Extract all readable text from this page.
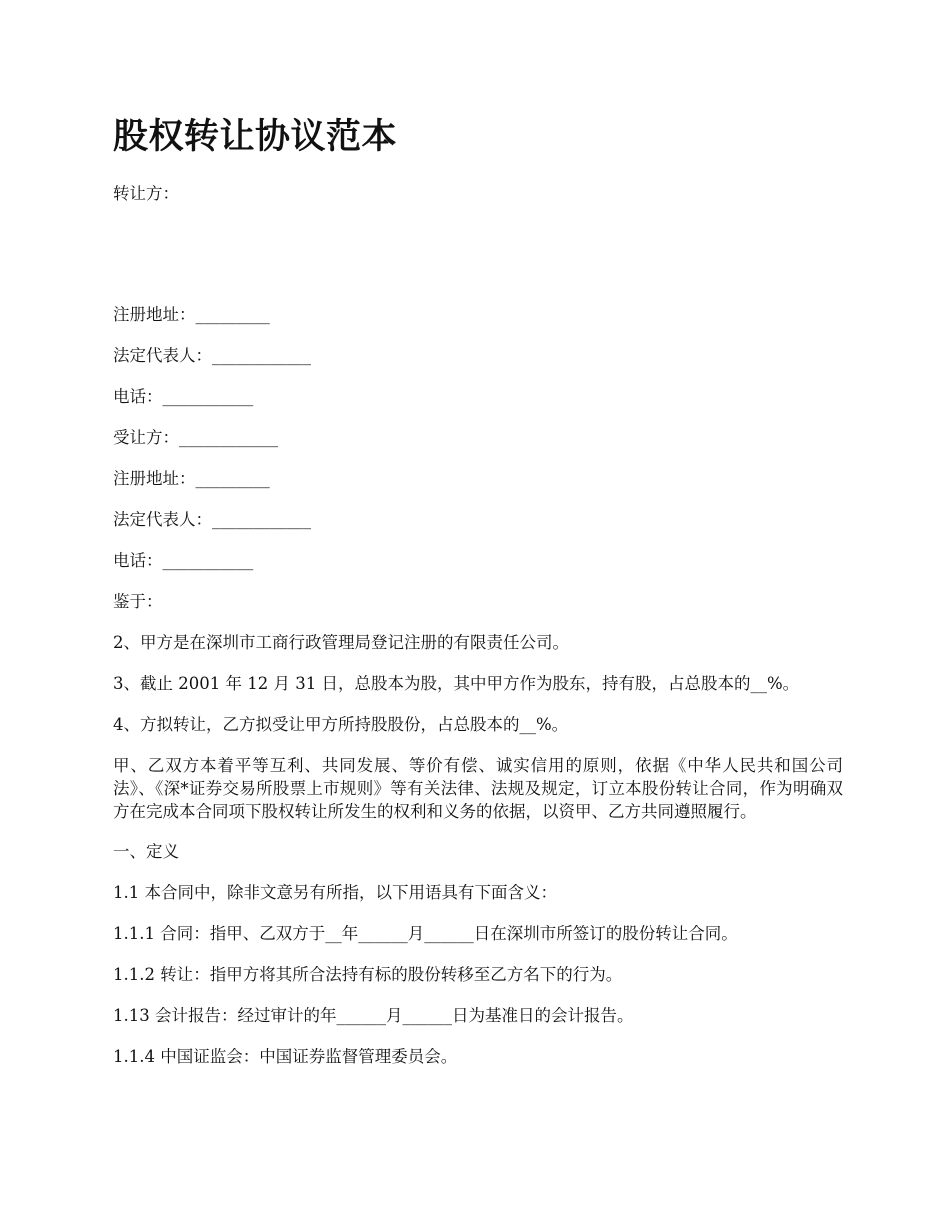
股权转让协议范本

转让方：

注册地址：_________

法定代表人：____________

电话：___________

受让方：____________

注册地址：_________

法定代表人：____________

电话：___________

鉴于：

2、甲方是在深圳市工商行政管理局登记注册的有限责任公司。

3、截止 2001 年 12 月 31 日，总股本为股，其中甲方作为股东，持有股，占总股本的__%。

4、方拟转让，乙方拟受让甲方所持股股份，占总股本的__%。

甲、乙双方本着平等互利、共同发展、等价有偿、诚实信用的原则，依据《中华人民共和国公司法》、《深*证券交易所股票上市规则》等有关法律、法规及规定，订立本股份转让合同，作为明确双方在完成本合同项下股权转让所发生的权利和义务的依据，以资甲、乙方共同遵照履行。

一、定义

1.1 本合同中，除非文意另有所指，以下用语具有下面含义：

1.1.1 合同：指甲、乙双方于__年______月______日在深圳市所签订的股份转让合同。

1.1.2 转让：指甲方将其所合法持有标的股份转移至乙方名下的行为。

1.13 会计报告：经过审计的年______月______日为基准日的会计报告。

1.1.4 中国证监会：中国证券监督管理委员会。
